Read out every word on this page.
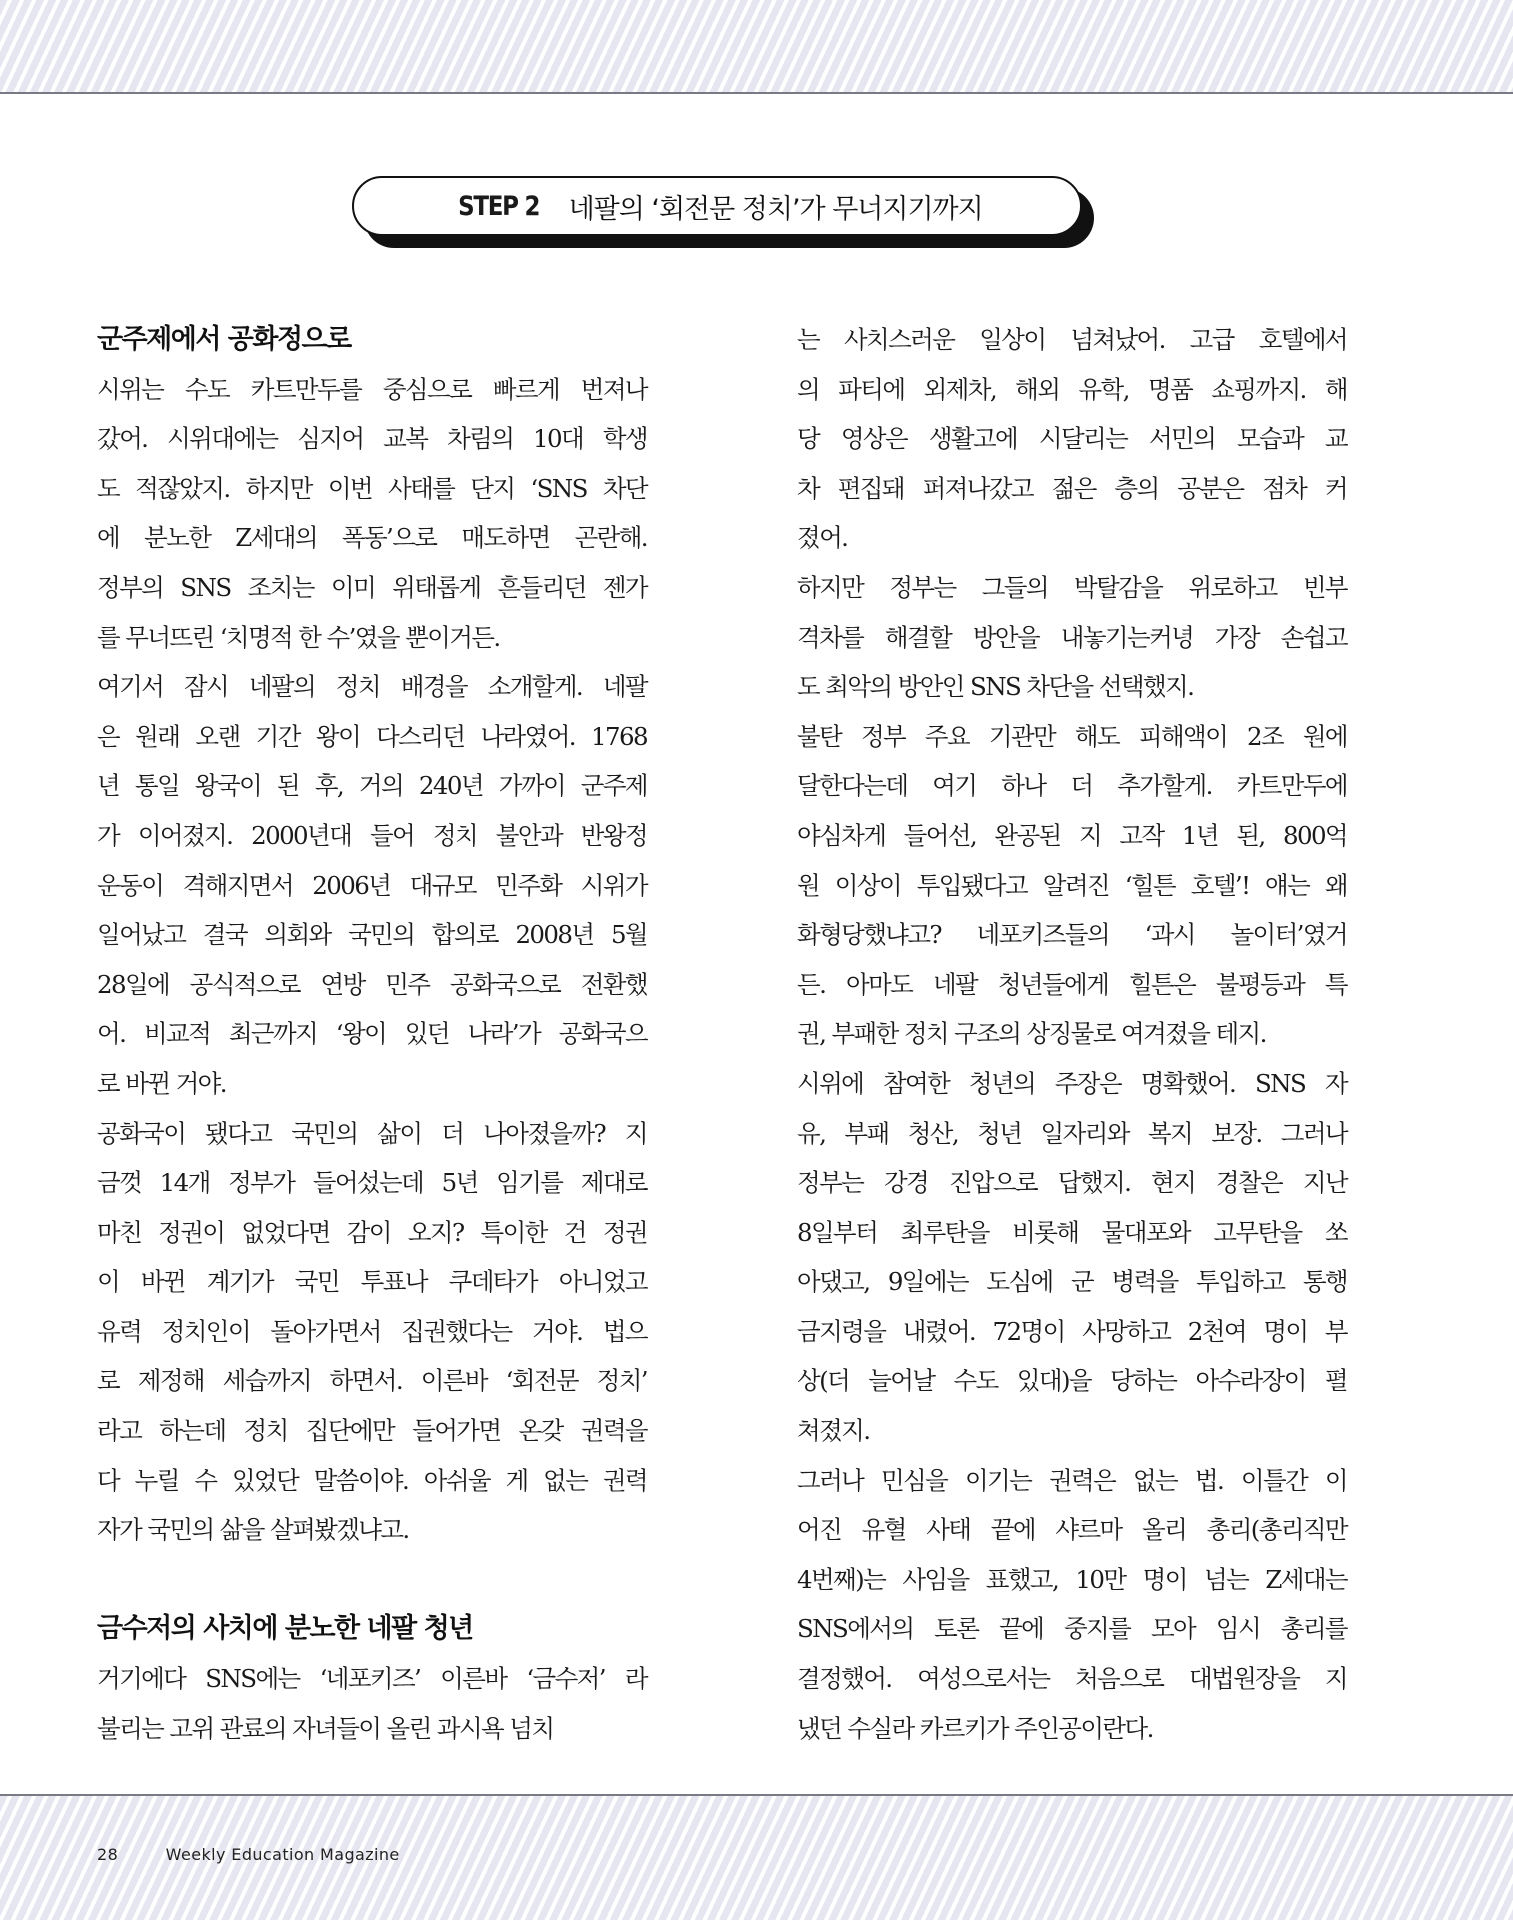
STEP 2 네팔의 ‘회전문 정치’가 무너지기까지
군주제에서 공화정으로
시위는 수도 카트만두를 중심으로 빠르게 번져나
갔어. 시위대에는 심지어 교복 차림의 10대 학생
도 적잖았지. 하지만 이번 사태를 단지 ‘SNS 차단
에 분노한 Z세대의 폭동’으로 매도하면 곤란해.
정부의 SNS 조치는 이미 위태롭게 흔들리던 젠가
를 무너뜨린 ‘치명적 한 수’였을 뿐이거든.
여기서 잠시 네팔의 정치 배경을 소개할게. 네팔
은 원래 오랜 기간 왕이 다스리던 나라였어. 1768
년 통일 왕국이 된 후, 거의 240년 가까이 군주제
가 이어졌지. 2000년대 들어 정치 불안과 반왕정
운동이 격해지면서 2006년 대규모 민주화 시위가
일어났고 결국 의회와 국민의 합의로 2008년 5월
28일에 공식적으로 연방 민주 공화국으로 전환했
어. 비교적 최근까지 ‘왕이 있던 나라’가 공화국으
로 바뀐 거야.
공화국이 됐다고 국민의 삶이 더 나아졌을까? 지
금껏 14개 정부가 들어섰는데 5년 임기를 제대로
마친 정권이 없었다면 감이 오지? 특이한 건 정권
이 바뀐 계기가 국민 투표나 쿠데타가 아니었고
유력 정치인이 돌아가면서 집권했다는 거야. 법으
로 제정해 세습까지 하면서. 이른바 ‘회전문 정치’
라고 하는데 정치 집단에만 들어가면 온갖 권력을
다 누릴 수 있었단 말씀이야. 아쉬울 게 없는 권력
자가 국민의 삶을 살펴봤겠냐고.
금수저의 사치에 분노한 네팔 청년
거기에다 SNS에는 ‘네포키즈’ 이른바 ‘금수저’ 라
불리는 고위 관료의 자녀들이 올린 과시욕 넘치
는 사치스러운 일상이 넘쳐났어. 고급 호텔에서
의 파티에 외제차, 해외 유학, 명품 쇼핑까지. 해
당 영상은 생활고에 시달리는 서민의 모습과 교
차 편집돼 퍼져나갔고 젊은 층의 공분은 점차 커
졌어.
하지만 정부는 그들의 박탈감을 위로하고 빈부
격차를 해결할 방안을 내놓기는커녕 가장 손쉽고
도 최악의 방안인 SNS 차단을 선택했지.
불탄 정부 주요 기관만 해도 피해액이 2조 원에
달한다는데 여기 하나 더 추가할게. 카트만두에
야심차게 들어선, 완공된 지 고작 1년 된, 800억
원 이상이 투입됐다고 알려진 ‘힐튼 호텔’! 얘는 왜
화형당했냐고? 네포키즈들의 ‘과시 놀이터’였거
든. 아마도 네팔 청년들에게 힐튼은 불평등과 특
권, 부패한 정치 구조의 상징물로 여겨졌을 테지.
시위에 참여한 청년의 주장은 명확했어. SNS 자
유, 부패 청산, 청년 일자리와 복지 보장. 그러나
정부는 강경 진압으로 답했지. 현지 경찰은 지난
8일부터 최루탄을 비롯해 물대포와 고무탄을 쏘
아댔고, 9일에는 도심에 군 병력을 투입하고 통행
금지령을 내렸어. 72명이 사망하고 2천여 명이 부
상(더 늘어날 수도 있대)을 당하는 아수라장이 펼
쳐졌지.
그러나 민심을 이기는 권력은 없는 법. 이틀간 이
어진 유혈 사태 끝에 샤르마 올리 총리(총리직만
4번째)는 사임을 표했고, 10만 명이 넘는 Z세대는
SNS에서의 토론 끝에 중지를 모아 임시 총리를
결정했어. 여성으로서는 처음으로 대법원장을 지
냈던 수실라 카르키가 주인공이란다.
28	Weekly Education Magazine
